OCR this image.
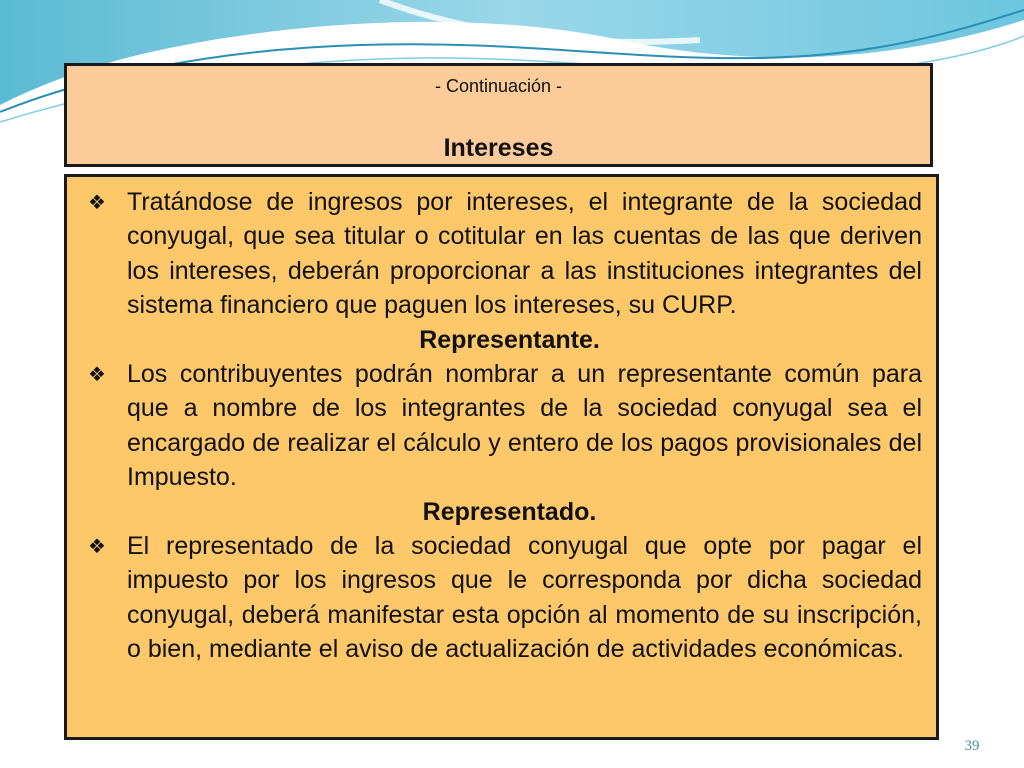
- Continuación -
Intereses
❖ Tratándose de ingresos por intereses, el integrante de la sociedad conyugal, que sea titular o cotitular en las cuentas de las que deriven los intereses, deberán proporcionar a las instituciones integrantes del sistema financiero que paguen los intereses, su CURP.
Representante.
❖ Los contribuyentes podrán nombrar a un representante común para que a nombre de los integrantes de la sociedad conyugal sea el encargado de realizar el cálculo y entero de los pagos provisionales del Impuesto.
Representado.
❖ El representado de la sociedad conyugal que opte por pagar el impuesto por los ingresos que le corresponda por dicha sociedad conyugal, deberá manifestar esta opción al momento de su inscripción, o bien, mediante el aviso de actualización de actividades económicas.
39
